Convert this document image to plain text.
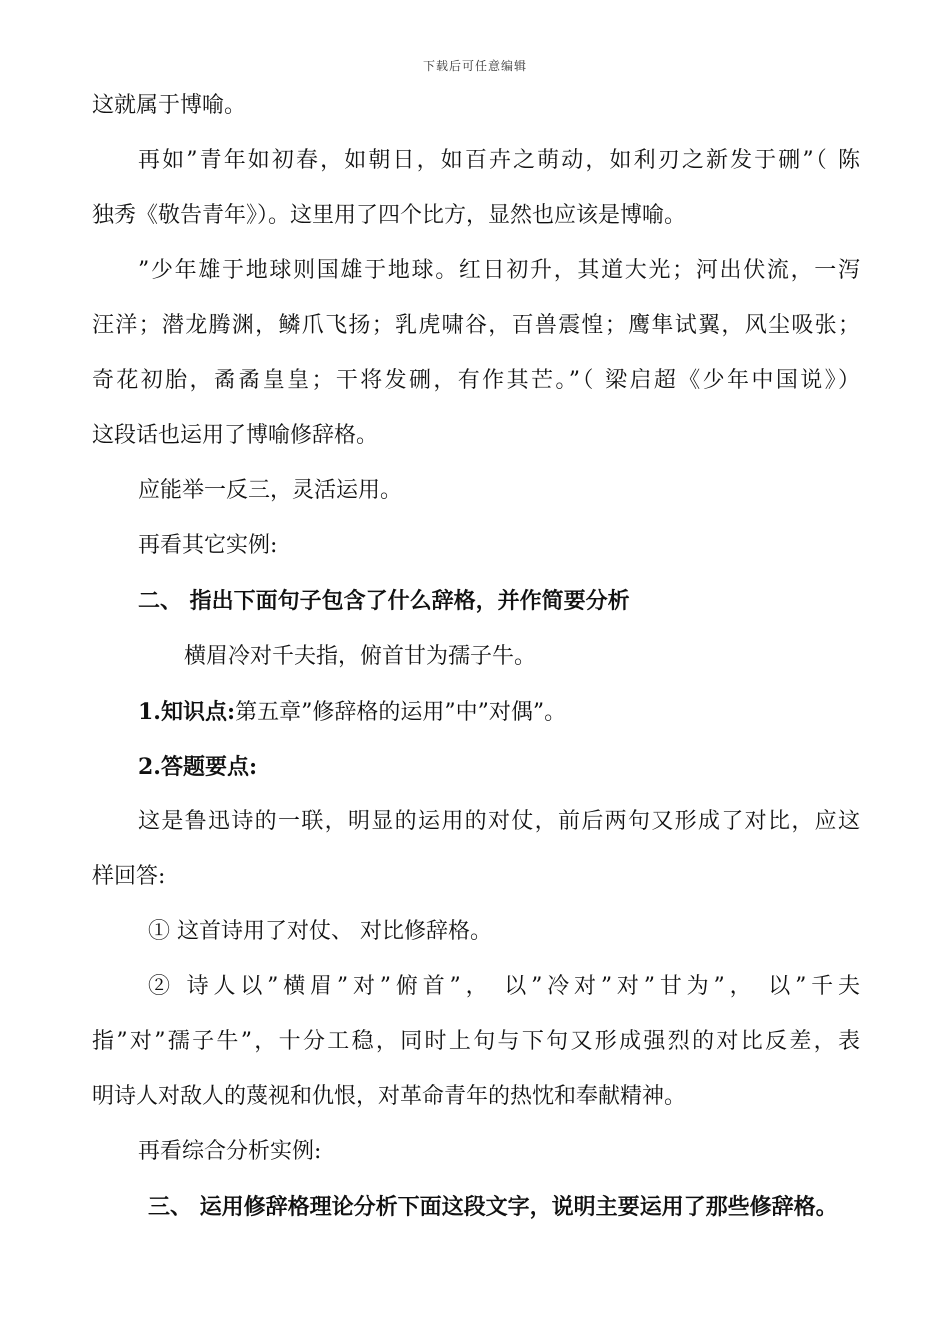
下载后可任意编辑
这就属于博喻。
再如”青年如初春，如朝日，如百卉之萌动，如利刃之新发于硎”（ 陈
独秀《敬告青年》）。这里用了四个比方，显然也应该是博喻。
”少年雄于地球则国雄于地球。红日初升，其道大光；河出伏流，一泻
汪洋；潜龙腾渊，鳞爪飞扬；乳虎啸谷，百兽震惶；鹰隼试翼，风尘吸张；
奇花初胎，矞矞皇皇；干将发硎，有作其芒。”（ 梁启超《少年中国说》）
这段话也运用了博喻修辞格。
应能举一反三，灵活运用。
再看其它实例:
二、 指出下面句子包含了什么辞格，并作简要分析
横眉冷对千夫指，俯首甘为孺子牛。
1.知识点:第五章”修辞格的运用”中”对偶”。
2.答题要点:
这是鲁迅诗的一联，明显的运用的对仗，前后两句又形成了对比，应这
样回答:
① 这首诗用了对仗、 对比修辞格。
② 诗人以”横眉”对”俯首”， 以”冷对”对”甘为”， 以”千夫
指”对”孺子牛”，十分工稳，同时上句与下句又形成强烈的对比反差，表
明诗人对敌人的蔑视和仇恨，对革命青年的热忱和奉献精神。
再看综合分析实例:
三、 运用修辞格理论分析下面这段文字，说明主要运用了那些修辞格。
